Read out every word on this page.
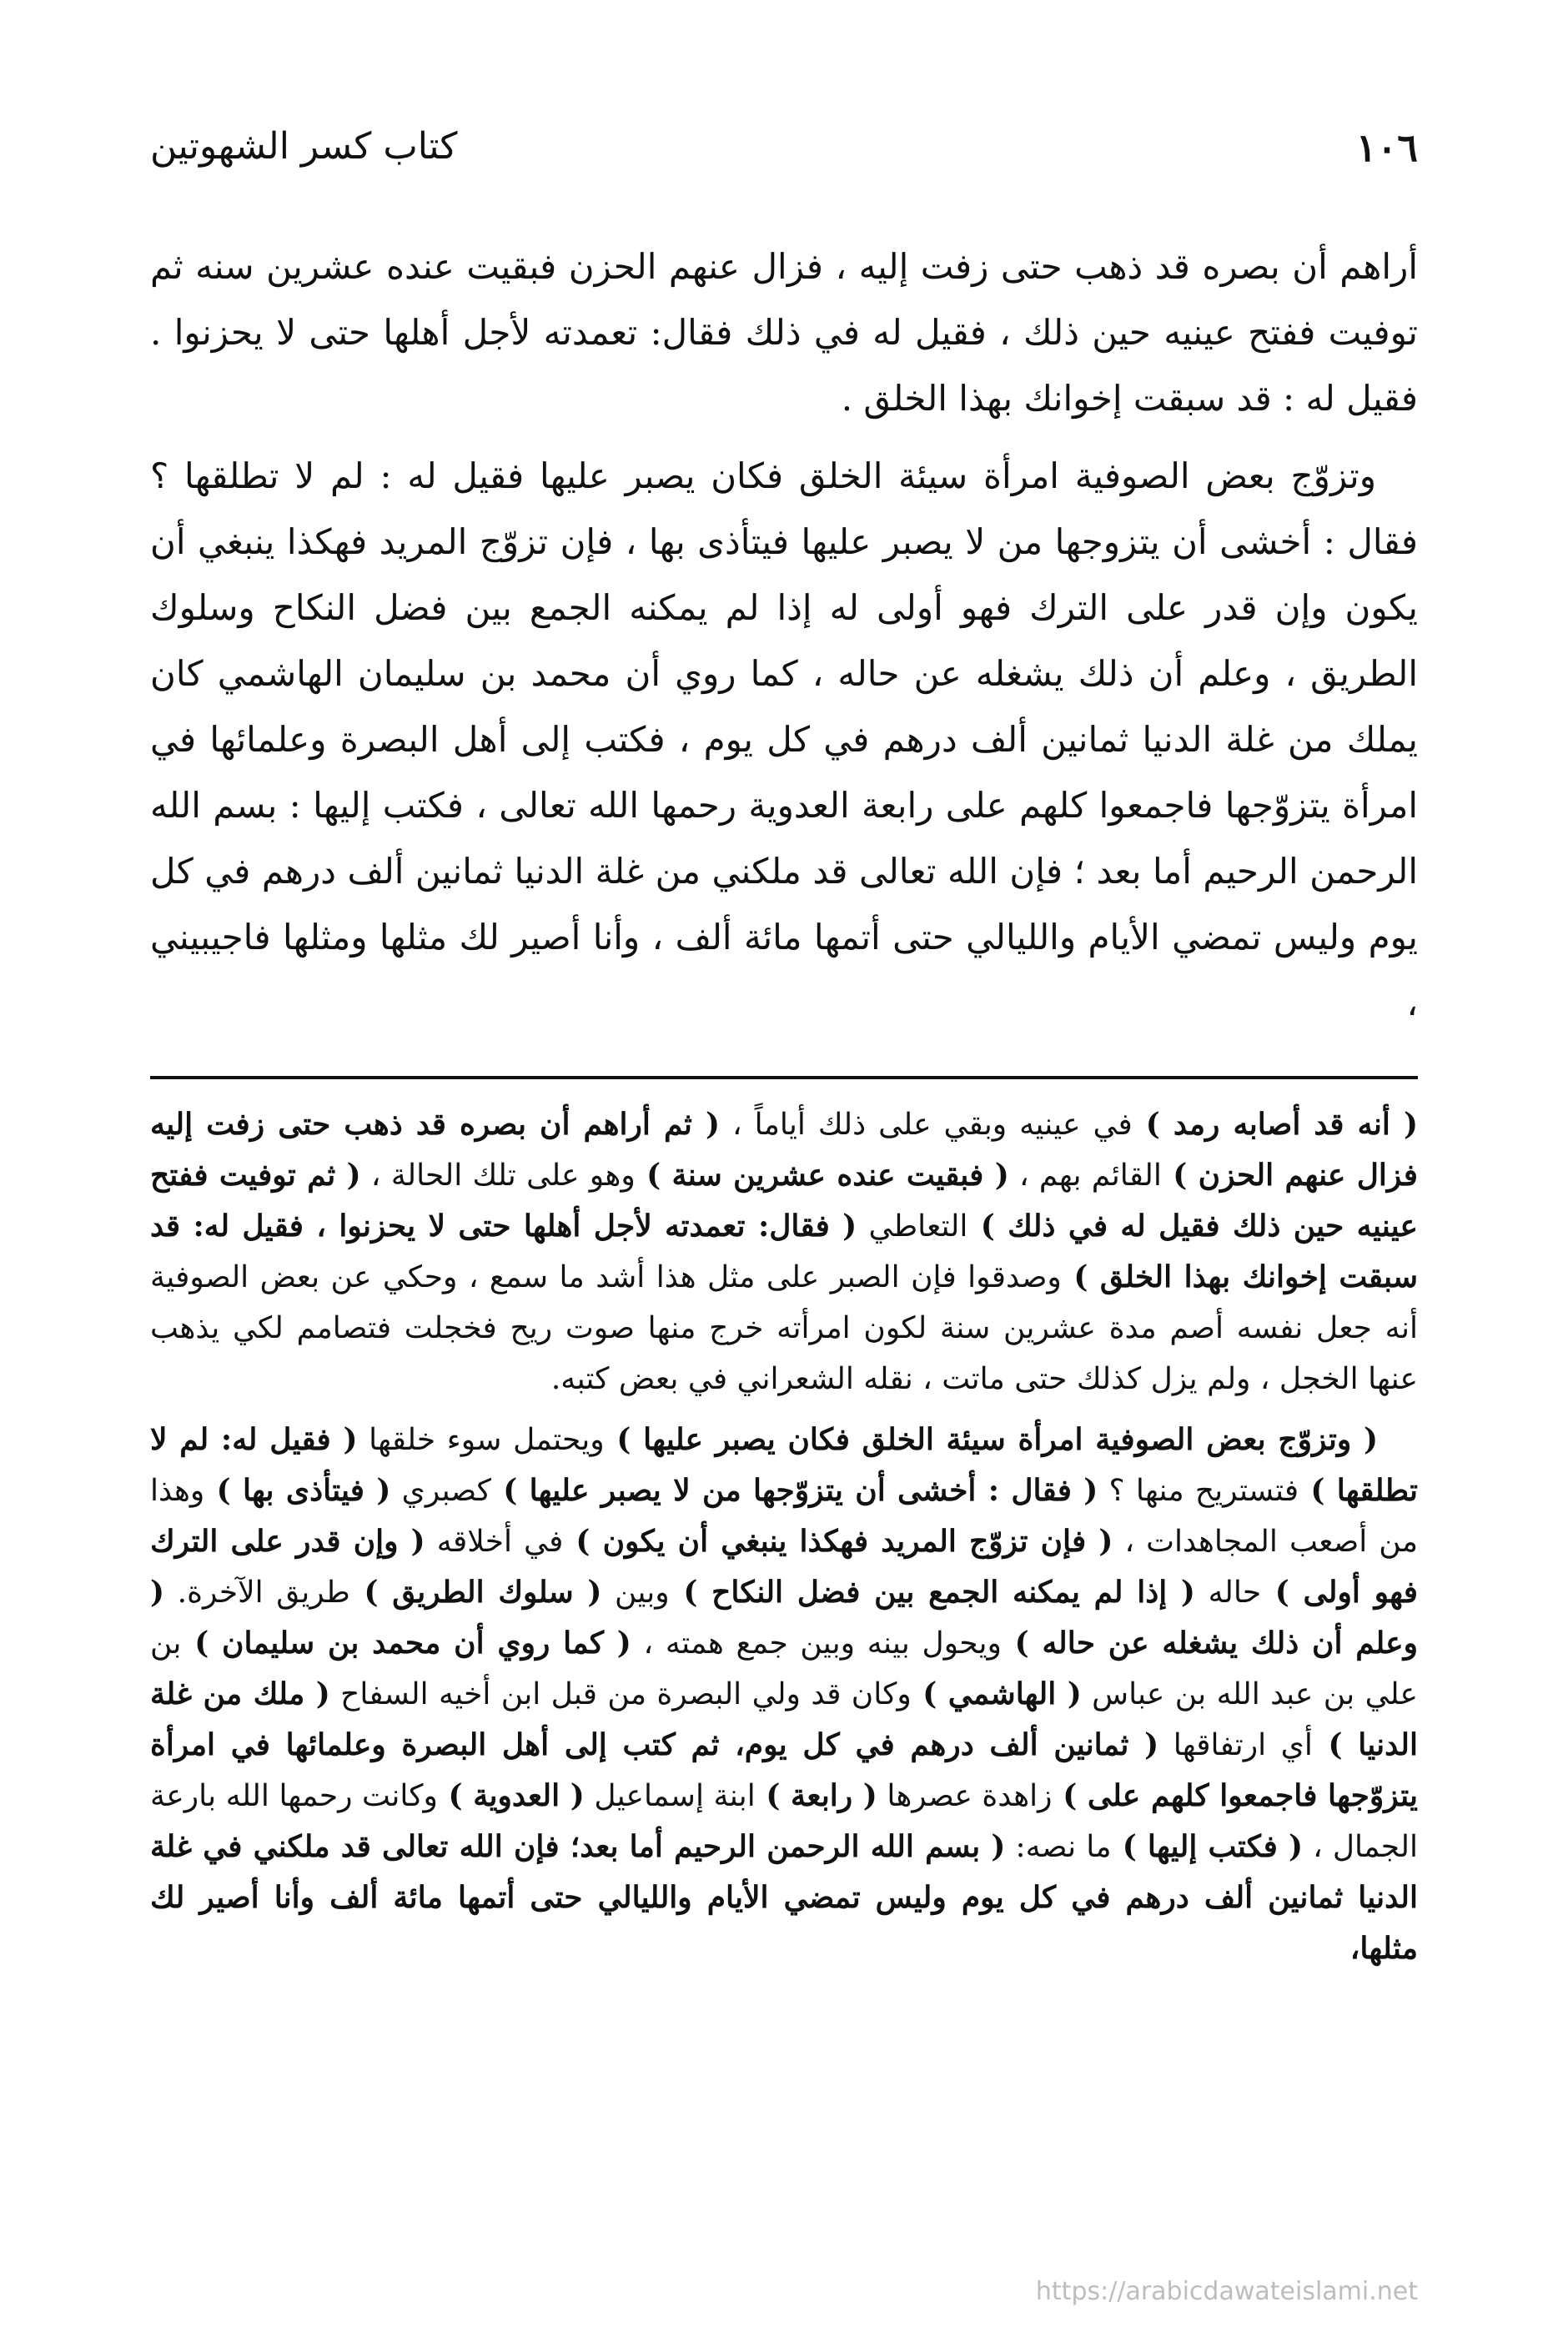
١٠٦
كتاب كسر الشهوتين

أراهم أن بصره قد ذهب حتى زفت إليه ، فزال عنهم الحزن فبقيت عنده عشرين سنه ثم توفيت ففتح عينيه حين ذلك ، فقيل له في ذلك فقال: تعمدته لأجل أهلها حتى لا يحزنوا . فقيل له : قد سبقت إخوانك بهذا الخلق .

وتزوّج بعض الصوفية امرأة سيئة الخلق فكان يصبر عليها فقيل له : لم لا تطلقها ؟ فقال : أخشى أن يتزوجها من لا يصبر عليها فيتأذى بها ، فإن تزوّج المريد فهكذا ينبغي أن يكون وإن قدر على الترك فهو أولى له إذا لم يمكنه الجمع بين فضل النكاح وسلوك الطريق ، وعلم أن ذلك يشغله عن حاله ، كما روي أن محمد بن سليمان الهاشمي كان يملك من غلة الدنيا ثمانين ألف درهم في كل يوم ، فكتب إلى أهل البصرة وعلمائها في امرأة يتزوّجها فاجمعوا كلهم على رابعة العدوية رحمها الله تعالى ، فكتب إليها : بسم الله الرحمن الرحيم أما بعد ؛ فإن الله تعالى قد ملكني من غلة الدنيا ثمانين ألف درهم في كل يوم وليس تمضي الأيام والليالي حتى أتمها مائة ألف ، وأنا أصير لك مثلها ومثلها فاجيبيني ،

( أنه قد أصابه رمد ) في عينيه وبقي على ذلك أياماً ، ( ثم أراهم أن بصره قد ذهب حتى زفت إليه فزال عنهم الحزن ) القائم بهم ، ( فبقيت عنده عشرين سنة ) وهو على تلك الحالة ، ( ثم توفيت ففتح عينيه حين ذلك فقيل له في ذلك ) التعاطي ( فقال: تعمدته لأجل أهلها حتى لا يحزنوا ، فقيل له: قد سبقت إخوانك بهذا الخلق ) وصدقوا فإن الصبر على مثل هذا أشد ما سمع ، وحكي عن بعض الصوفية أنه جعل نفسه أصم مدة عشرين سنة لكون امرأته خرج منها صوت ريح فخجلت فتصامم لكي يذهب عنها الخجل ، ولم يزل كذلك حتى ماتت ، نقله الشعراني في بعض كتبه.

( وتزوّج بعض الصوفية امرأة سيئة الخلق فكان يصبر عليها ) ويحتمل سوء خلقها ( فقيل له: لم لا تطلقها ) فتستريح منها ؟ ( فقال : أخشى أن يتزوّجها من لا يصبر عليها ) كصبري ( فيتأذى بها ) وهذا من أصعب المجاهدات ، ( فإن تزوّج المريد فهكذا ينبغي أن يكون ) في أخلاقه ( وإن قدر على الترك فهو أولى ) حاله ( إذا لم يمكنه الجمع بين فضل النكاح ) وبين ( سلوك الطريق ) طريق الآخرة. ( وعلم أن ذلك يشغله عن حاله ) ويحول بينه وبين جمع همته ، ( كما روي أن محمد بن سليمان ) بن علي بن عبد الله بن عباس ( الهاشمي ) وكان قد ولي البصرة من قبل ابن أخيه السفاح ( ملك من غلة الدنيا ) أي ارتفاقها ( ثمانين ألف درهم في كل يوم، ثم كتب إلى أهل البصرة وعلمائها في امرأة يتزوّجها فاجمعوا كلهم على ) زاهدة عصرها ( رابعة ) ابنة إسماعيل ( العدوية ) وكانت رحمها الله بارعة الجمال ، ( فكتب إليها ) ما نصه: ( بسم الله الرحمن الرحيم أما بعد؛ فإن الله تعالى قد ملكني في غلة الدنيا ثمانين ألف درهم في كل يوم وليس تمضي الأيام والليالي حتى أتمها مائة ألف وأنا أصير لك مثلها،

https://arabicdawateislami.net
